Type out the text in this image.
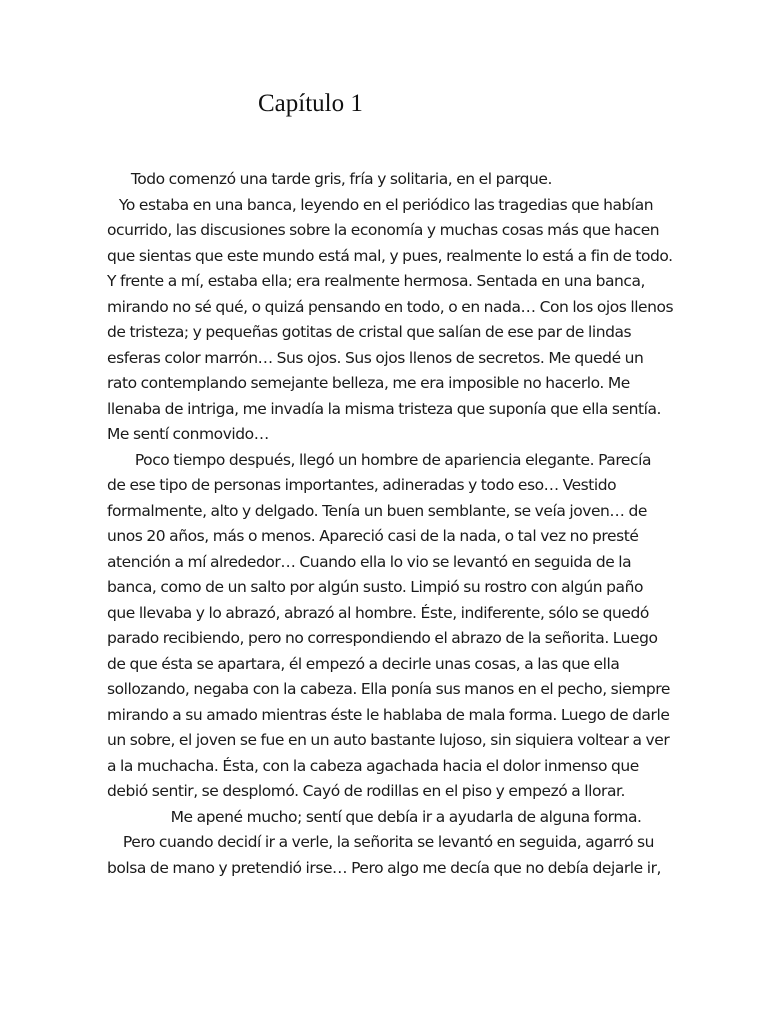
Capítulo 1
Todo comenzó una tarde gris, fría y solitaria, en el parque.
Yo estaba en una banca, leyendo en el periódico las tragedias que habían
ocurrido, las discusiones sobre la economía y muchas cosas más que hacen
que sientas que este mundo está mal, y pues, realmente lo está a fin de todo.
Y frente a mí, estaba ella; era realmente hermosa. Sentada en una banca,
mirando no sé qué, o quizá pensando en todo, o en nada… Con los ojos llenos
de tristeza; y pequeñas gotitas de cristal que salían de ese par de lindas
esferas color marrón… Sus ojos. Sus ojos llenos de secretos. Me quedé un
rato contemplando semejante belleza, me era imposible no hacerlo. Me
llenaba de intriga, me invadía la misma tristeza que suponía que ella sentía.
Me sentí conmovido…
Poco tiempo después, llegó un hombre de apariencia elegante. Parecía
de ese tipo de personas importantes, adineradas y todo eso… Vestido
formalmente, alto y delgado. Tenía un buen semblante, se veía joven… de
unos 20 años, más o menos. Apareció casi de la nada, o tal vez no presté
atención a mí alrededor… Cuando ella lo vio se levantó en seguida de la
banca, como de un salto por algún susto. Limpió su rostro con algún paño
que llevaba y lo abrazó, abrazó al hombre. Éste, indiferente, sólo se quedó
parado recibiendo, pero no correspondiendo el abrazo de la señorita. Luego
de que ésta se apartara, él empezó a decirle unas cosas, a las que ella
sollozando, negaba con la cabeza. Ella ponía sus manos en el pecho, siempre
mirando a su amado mientras éste le hablaba de mala forma. Luego de darle
un sobre, el joven se fue en un auto bastante lujoso, sin siquiera voltear a ver
a la muchacha. Ésta, con la cabeza agachada hacia el dolor inmenso que
debió sentir, se desplomó. Cayó de rodillas en el piso y empezó a llorar.
Me apené mucho; sentí que debía ir a ayudarla de alguna forma.
Pero cuando decidí ir a verle, la señorita se levantó en seguida, agarró su
bolsa de mano y pretendió irse… Pero algo me decía que no debía dejarle ir,
